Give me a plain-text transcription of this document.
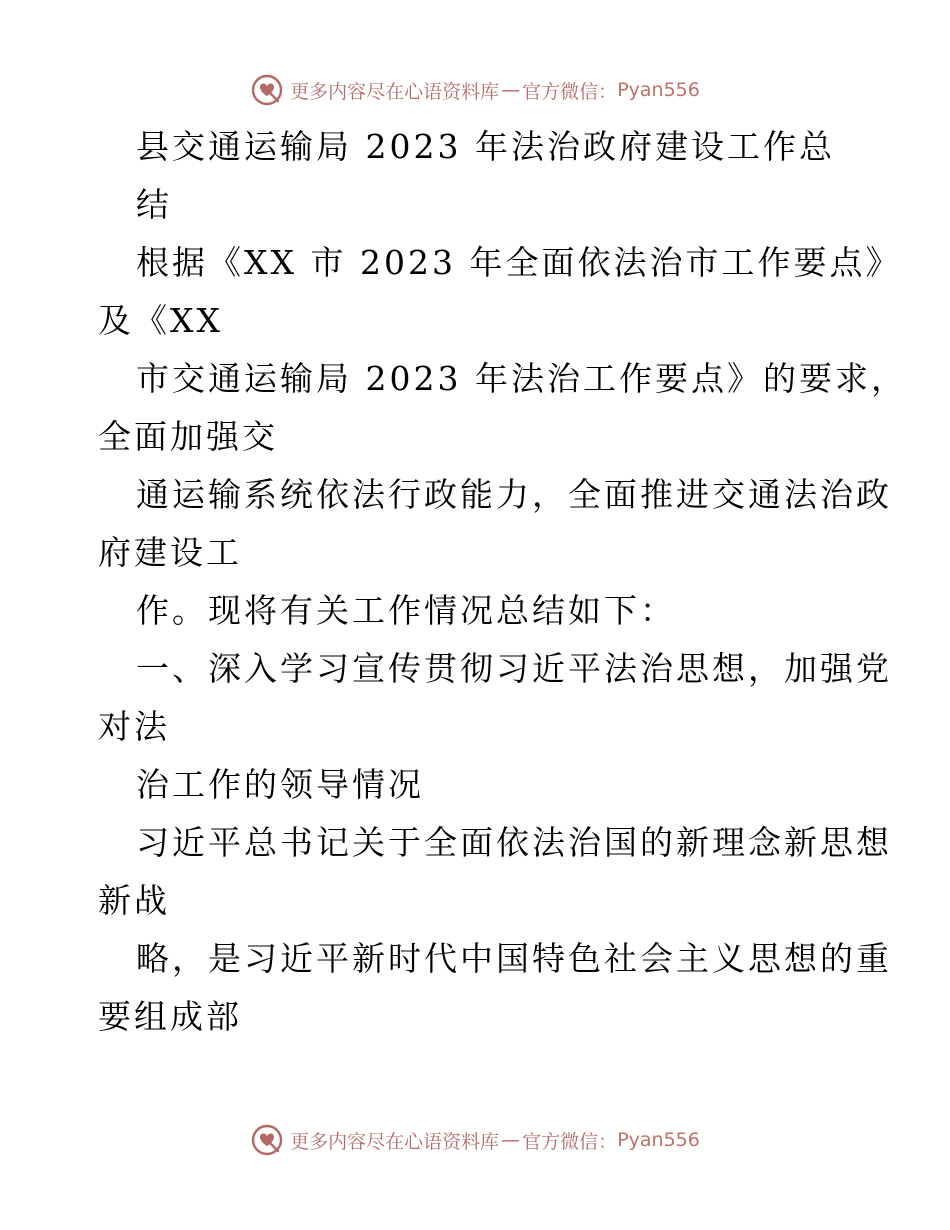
更多内容尽在心语资料库 — 官方微信： Pyan556
县交通运输局 2023 年法治政府建设工作总
结
根据《XX 市 2023 年全面依法治市工作要点》
及《XX
市交通运输局 2023 年法治工作要点》的要求，
全面加强交
通运输系统依法行政能力，全面推进交通法治政
府建设工
作。现将有关工作情况总结如下：
一、深入学习宣传贯彻习近平法治思想，加强党
对法
治工作的领导情况
习近平总书记关于全面依法治国的新理念新思想
新战
略，是习近平新时代中国特色社会主义思想的重
要组成部
更多内容尽在心语资料库 — 官方微信： Pyan556
